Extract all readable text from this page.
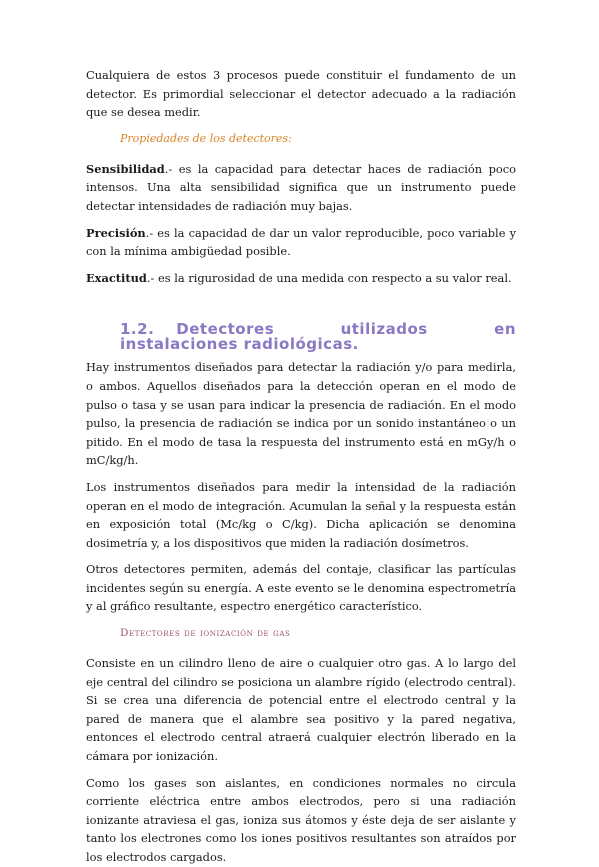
Cualquiera de estos 3 procesos puede constituir el fundamento de un detector. Es primordial seleccionar el detector adecuado a la radiación que se desea medir.

Propiedades de los detectores:

Sensibilidad.- es la capacidad para detectar haces de radiación poco intensos. Una alta sensibilidad significa que un instrumento puede detectar intensidades de radiación muy bajas.

Precisión.- es la capacidad de dar un valor reproducible, poco variable y con la mínima ambigüedad posible.

Exactitud.- es la rigurosidad de una medida con respecto a su valor real.

1.2. Detectores utilizados en instalaciones radiológicas.

Hay instrumentos diseñados para detectar la radiación y/o para medirla, o ambos. Aquellos diseñados para la detección operan en el modo de pulso o tasa y se usan para indicar la presencia de radiación. En el modo pulso, la presencia de radiación se indica por un sonido instantáneo o un pitido. En el modo de tasa la respuesta del instrumento está en mGy/h o mC/kg/h.

Los instrumentos diseñados para medir la intensidad de la radiación operan en el modo de integración. Acumulan la señal y la respuesta están en exposición total (Mc/kg o C/kg). Dicha aplicación se denomina dosimetría y, a los dispositivos que miden la radiación dosímetros.

Otros detectores permiten, además del contaje, clasificar las partículas incidentes según su energía. A este evento se le denomina espectrometría y al gráfico resultante, espectro energético característico.

Detectores de ionización de gas

Consiste en un cilindro lleno de aire o cualquier otro gas. A lo largo del eje central del cilindro se posiciona un alambre rígido (electrodo central). Si se crea una diferencia de potencial entre el electrodo central y la pared de manera que el alambre sea positivo y la pared negativa, entonces el electrodo central atraerá cualquier electrón liberado en la cámara por ionización.

Como los gases son aislantes, en condiciones normales no circula corriente eléctrica entre ambos electrodos, pero si una radiación ionizante atraviesa el gas, ioniza sus átomos y éste deja de ser aislante y tanto los electrones como los iones positivos resultantes son atraídos por los electrodos cargados.
